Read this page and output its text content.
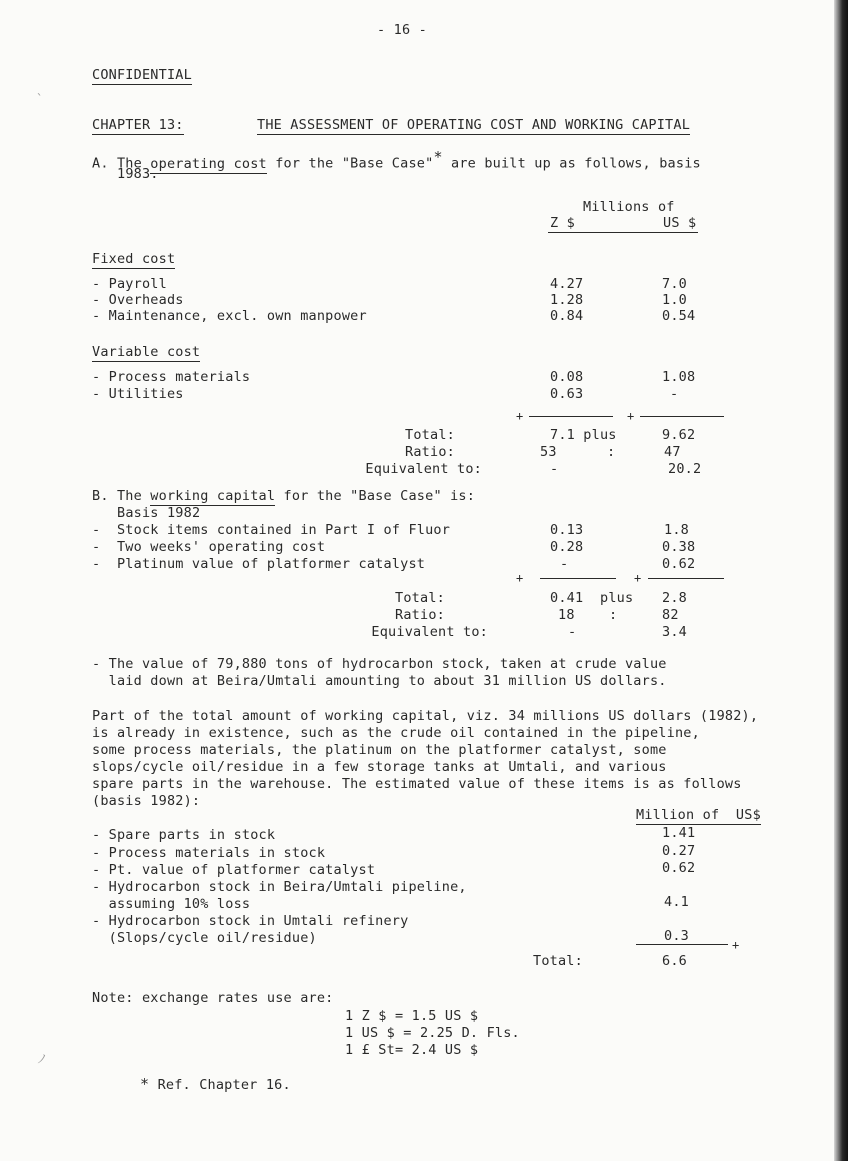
`
ノ
- 16 -
CONFIDENTIAL
CHAPTER 13:	THE ASSESSMENT OF OPERATING COST AND WORKING CAPITAL
A. The operating cost for the "Base Case"* are built up as follows, basis
1983.
Millions of
Z $	US $
Fixed cost
- Payroll	4.27	7.0
- Overheads	1.28	1.0
- Maintenance, excl. own manpower	0.84	0.54
Variable cost
- Process materials	0.08	1.08
- Utilities	0.63	-
+	+
Total:	7.1 plus	9.62
Ratio:	53	:	47
Equivalent to:	-	20.2
B. The working capital for the "Base Case" is:
Basis 1982
-  Stock items contained in Part I of Fluor	0.13	1.8
-  Two weeks' operating cost	0.28	0.38
-  Platinum value of platformer catalyst	-	0.62
+	+
Total:	0.41 plus 2.8
Ratio:	18	:	82
Equivalent to:	-	3.4
- The value of 79,880 tons of hydrocarbon stock, taken at crude value
laid down at Beira/Umtali amounting to about 31 million US dollars.
Part of the total amount of working capital, viz. 34 millions US dollars (1982),
is already in existence, such as the crude oil contained in the pipeline,
some process materials, the platinum on the platformer catalyst, some
slops/cycle oil/residue in a few storage tanks at Umtali, and various
spare parts in the warehouse. The estimated value of these items is as follows
(basis 1982):
Million of  US$
- Spare parts in stock	1.41
- Process materials in stock	0.27
- Pt. value of platformer catalyst	0.62
- Hydrocarbon stock in Beira/Umtali pipeline,
assuming 10% loss	4.1
- Hydrocarbon stock in Umtali refinery
(Slops/cycle oil/residue)	0.3
+
Total:	6.6
Note: exchange rates use are:
1 Z $ = 1.5 US $
1 US $ = 2.25 D. Fls.
1 £ St= 2.4 US $
* Ref. Chapter 16.
